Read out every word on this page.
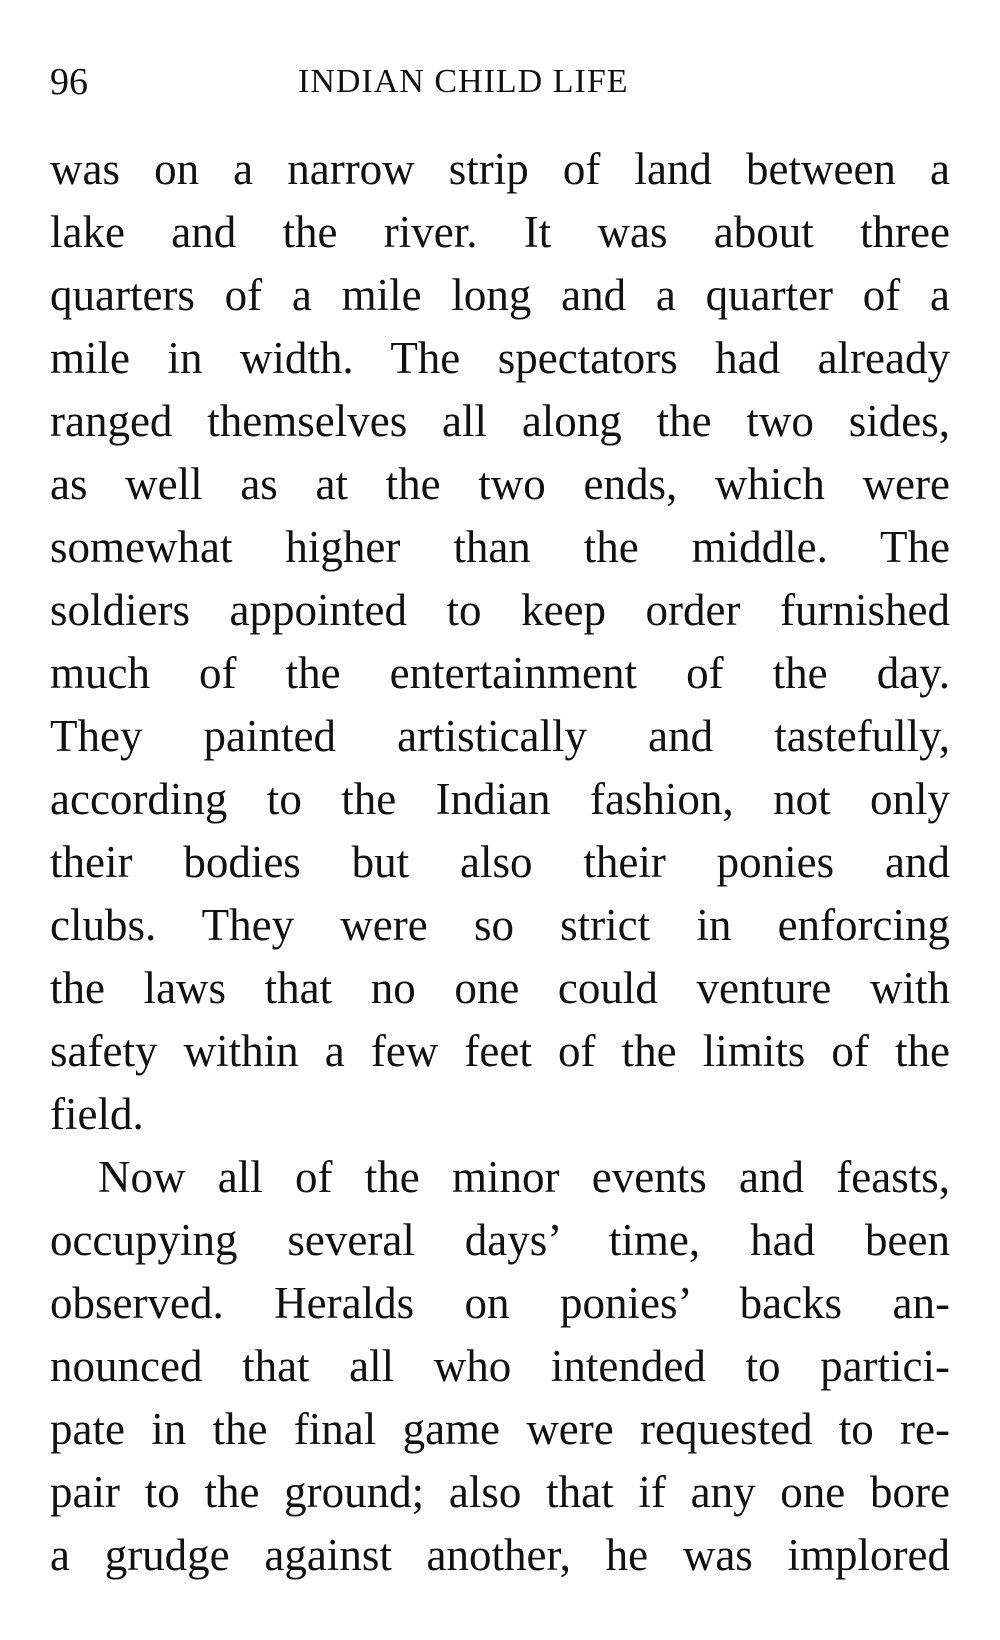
96	INDIAN CHILD LIFE
was on a narrow strip of land between a
lake and the river. It was about three
quarters of a mile long and a quarter of a
mile in width. The spectators had already
ranged themselves all along the two sides,
as well as at the two ends, which were
somewhat higher than the middle. The
soldiers appointed to keep order furnished
much of the entertainment of the day.
They painted artistically and tastefully,
according to the Indian fashion, not only
their bodies but also their ponies and
clubs. They were so strict in enforcing
the laws that no one could venture with
safety within a few feet of the limits of the
field.
Now all of the minor events and feasts,
occupying several days’ time, had been
observed. Heralds on ponies’ backs an-
nounced that all who intended to partici-
pate in the final game were requested to re-
pair to the ground; also that if any one bore
a grudge against another, he was implored
